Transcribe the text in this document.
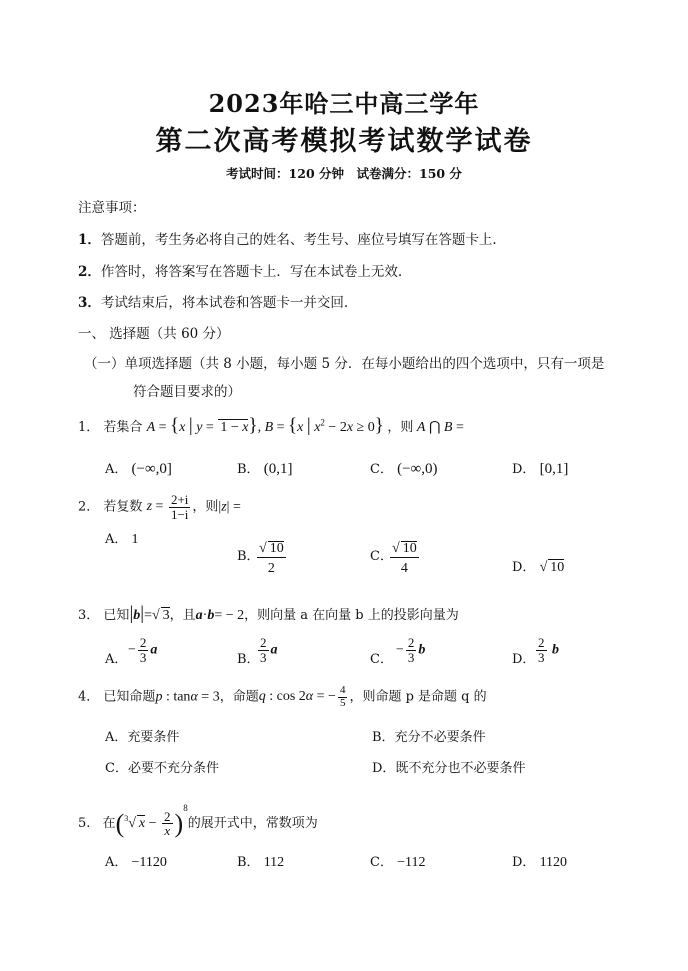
2023年哈三中高三学年
第二次高考模拟考试数学试卷
考试时间：120 分钟　试卷满分：150 分
注意事项：
1．答题前，考生务必将自己的姓名、考生号、座位号填写在答题卡上.
2．作答时，将答案写在答题卡上．写在本试卷上无效.
3．考试结束后，将本试卷和答题卡一并交回.
一、 选择题（共 60 分）
（一）单项选择题（共 8 小题，每小题 5 分．在每小题给出的四个选项中，只有一项是
符合题目要求的）
1． 若集合 A = {x | y = 1 − x}, B = {x | $x^2 - 2x \ge 0$} ，则 A ⋂ B =
A． (−∞,0]	B． (0,1]	C． (−∞,0)	D． [0,1]
2． 若复数 $z = \frac{2+i}{1-i}$ ，则|z| =
A． 1
B．
$\frac{√ 10}{2}$	C．
$\frac{√ 10}{4}$	D． √ 10
3． 已知|b|=√ 3，且a·b= − 2，则向量 a 在向量 b 上的投影向量为
A．
− $\frac{2}{3}$ a
B．
$\frac{2}{3}$ a
C．
− $\frac{2}{3}$ b
D． $\frac{2}{3}$ b
4． 已知命题p : tanα = 3，命题q : cos 2α = − $\frac{4}{5}$ ，则命题 p 是命题 q 的
A．充要条件	B．充分不必要条件
C．必要不充分条件	D．既不充分也不必要条件
5. 在($^3$√ $x - \frac{2}{x} )^8$的展开式中，常数项为
A． −1120	B． 112	C． −112	D． 1120
